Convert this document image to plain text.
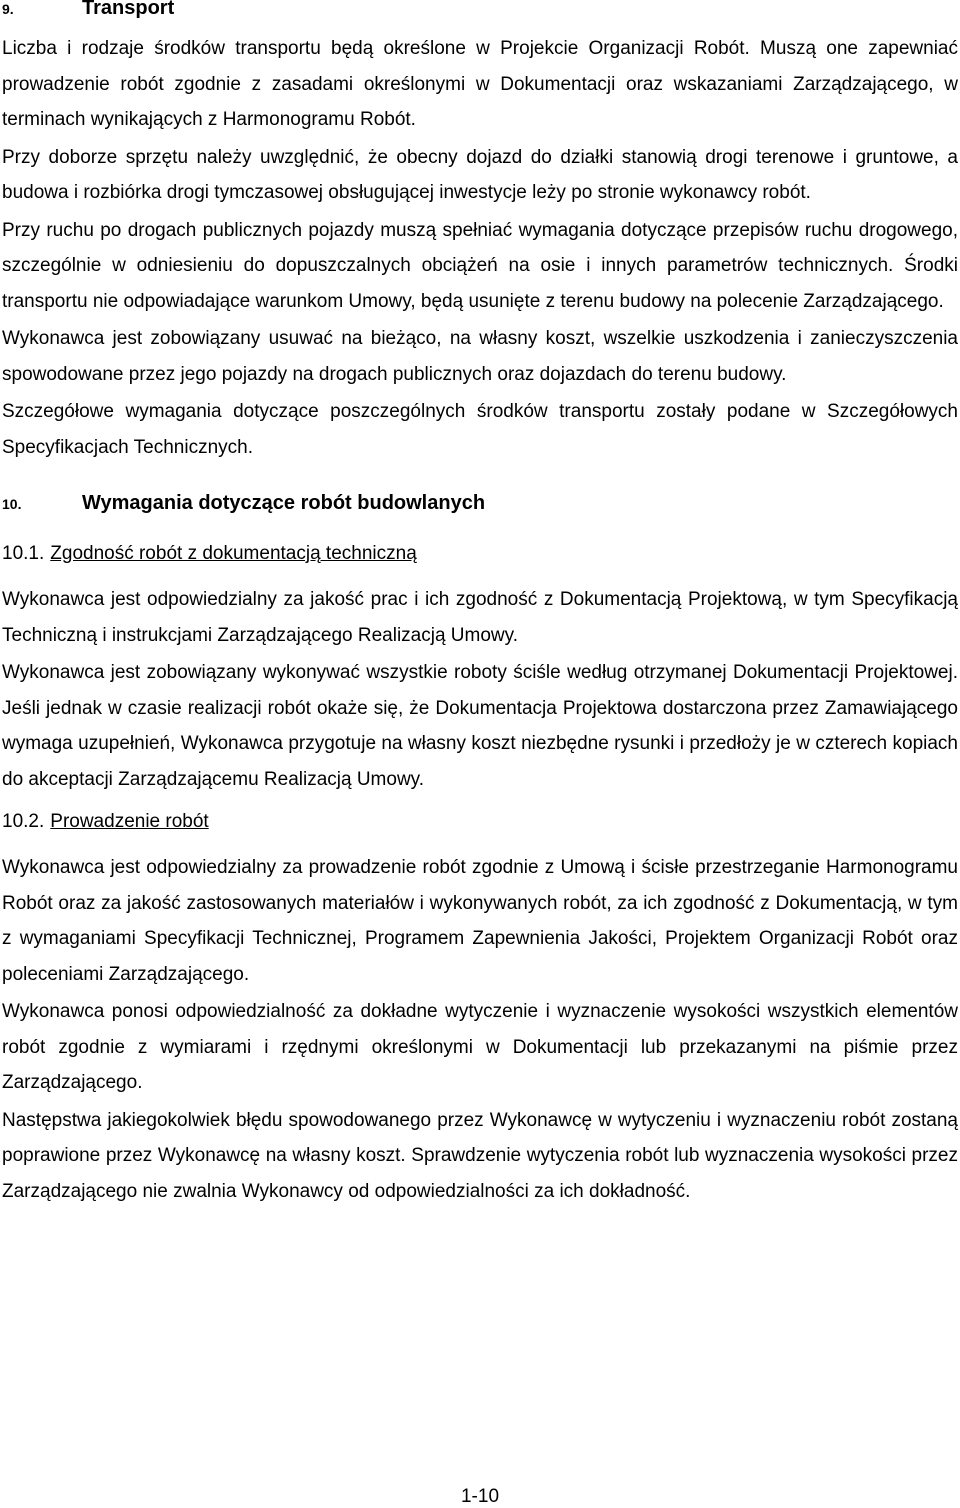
9.	Transport

Liczba i rodzaje środków transportu będą określone w Projekcie Organizacji Robót. Muszą one zapewniać prowadzenie robót zgodnie z zasadami określonymi w Dokumentacji oraz wskazaniami Zarządzającego, w terminach wynikających z Harmonogramu Robót.

Przy doborze sprzętu należy uwzględnić, że obecny dojazd do działki stanowią drogi terenowe i gruntowe, a budowa i rozbiórka drogi tymczasowej obsługującej inwestycje leży po stronie wykonawcy robót.

Przy ruchu po drogach publicznych pojazdy muszą spełniać wymagania dotyczące przepisów ruchu drogowego, szczególnie w odniesieniu do dopuszczalnych obciążeń na osie i innych parametrów technicznych. Środki transportu nie odpowiadające warunkom Umowy, będą usunięte z terenu budowy na polecenie Zarządzającego.

Wykonawca jest zobowiązany usuwać na bieżąco, na własny koszt, wszelkie uszkodzenia i zanieczyszczenia spowodowane przez jego pojazdy na drogach publicznych oraz dojazdach do terenu budowy.

Szczegółowe wymagania dotyczące poszczególnych środków transportu zostały podane w Szczegółowych Specyfikacjach Technicznych.

10.	Wymagania dotyczące robót budowlanych
10.1. Zgodność robót z dokumentacją techniczną

Wykonawca jest odpowiedzialny za jakość prac i ich zgodność z Dokumentacją Projektową, w tym Specyfikacją Techniczną i instrukcjami Zarządzającego Realizacją Umowy.

Wykonawca jest zobowiązany wykonywać wszystkie roboty ściśle według otrzymanej Dokumentacji Projektowej. Jeśli jednak w czasie realizacji robót okaże się, że Dokumentacja Projektowa dostarczona przez Zamawiającego wymaga uzupełnień, Wykonawca przygotuje na własny koszt niezbędne rysunki i przedłoży je w czterech kopiach do akceptacji Zarządzającemu Realizacją Umowy.

10.2. Prowadzenie robót

Wykonawca jest odpowiedzialny za prowadzenie robót zgodnie z Umową i ścisłe przestrzeganie Harmonogramu Robót oraz za jakość zastosowanych materiałów i wykonywanych robót, za ich zgodność z Dokumentacją, w tym z wymaganiami Specyfikacji Technicznej, Programem Zapewnienia Jakości, Projektem Organizacji Robót oraz poleceniami Zarządzającego.

Wykonawca ponosi odpowiedzialność za dokładne wytyczenie i wyznaczenie wysokości wszystkich elementów robót zgodnie z wymiarami i rzędnymi określonymi w Dokumentacji lub przekazanymi na piśmie przez Zarządzającego.

Następstwa jakiegokolwiek błędu spowodowanego przez Wykonawcę w wytyczeniu i wyznaczeniu robót zostaną poprawione przez Wykonawcę na własny koszt. Sprawdzenie wytyczenia robót lub wyznaczenia wysokości przez Zarządzającego nie zwalnia Wykonawcy od odpowiedzialności za ich dokładność.

1-10
